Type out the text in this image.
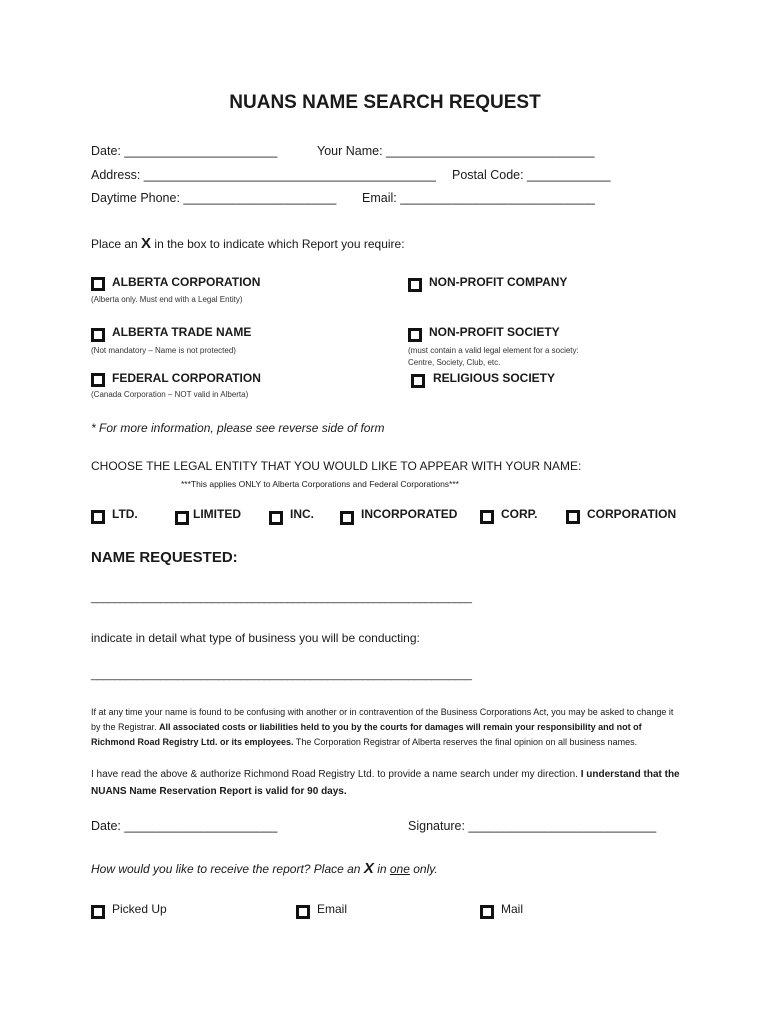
NUANS NAME SEARCH REQUEST
Date: ______________________	Your Name: ______________________________
Address: __________________________________________ Postal Code: ____________
Daytime Phone: ______________________ Email: ____________________________
Place an X in the box to indicate which Report you require:
ALBERTA CORPORATION
(Alberta only. Must end with a Legal Entity)
NON-PROFIT COMPANY
ALBERTA TRADE NAME
(Not mandatory – Name is not protected)
NON-PROFIT SOCIETY
(must contain a valid legal element for a society:
Centre, Society, Club, etc.
FEDERAL CORPORATION
(Canada Corporation – NOT valid in Alberta)
RELIGIOUS SOCIETY
* For more information, please see reverse side of form
CHOOSE THE LEGAL ENTITY THAT YOU WOULD LIKE TO APPEAR WITH YOUR NAME:
***This applies ONLY to Alberta Corporations and Federal Corporations***
LTD.	LIMITED	INC.	INCORPORATED	CORP.	CORPORATION
NAME REQUESTED:
__________________________________________________________________
indicate in detail what type of business you will be conducting:
__________________________________________________________________
If at any time your name is found to be confusing with another or in contravention of the Business Corporations Act, you may be asked to change it by the Registrar. All associated costs or liabilities held to you by the courts for damages will remain your responsibility and not of Richmond Road Registry Ltd. or its employees. The Corporation Registrar of Alberta reserves the final opinion on all business names.
I have read the above & authorize Richmond Road Registry Ltd. to provide a name search under my direction. I understand that the NUANS Name Reservation Report is valid for 90 days.
Date: ______________________	Signature: ___________________________
How would you like to receive the report? Place an X in one only.
Picked Up	Email	Mail
